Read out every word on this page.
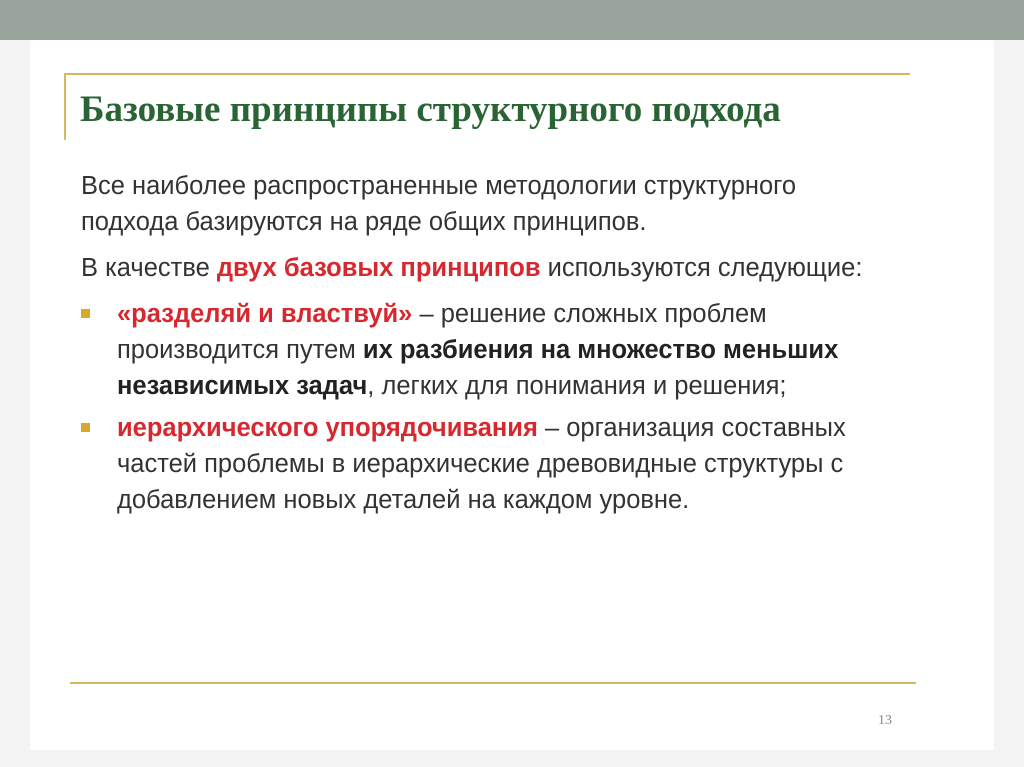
Базовые принципы структурного подхода

Все наиболее распространенные методологии структурного подхода базируются на ряде общих принципов.

В качестве двух базовых принципов используются следующие:

«разделяй и властвуй» – решение сложных проблем производится путем их разбиения на множество меньших независимых задач, легких для понимания и решения;
иерархического упорядочивания – организация составных частей проблемы в иерархические древовидные структуры с добавлением новых деталей на каждом уровне.
13
